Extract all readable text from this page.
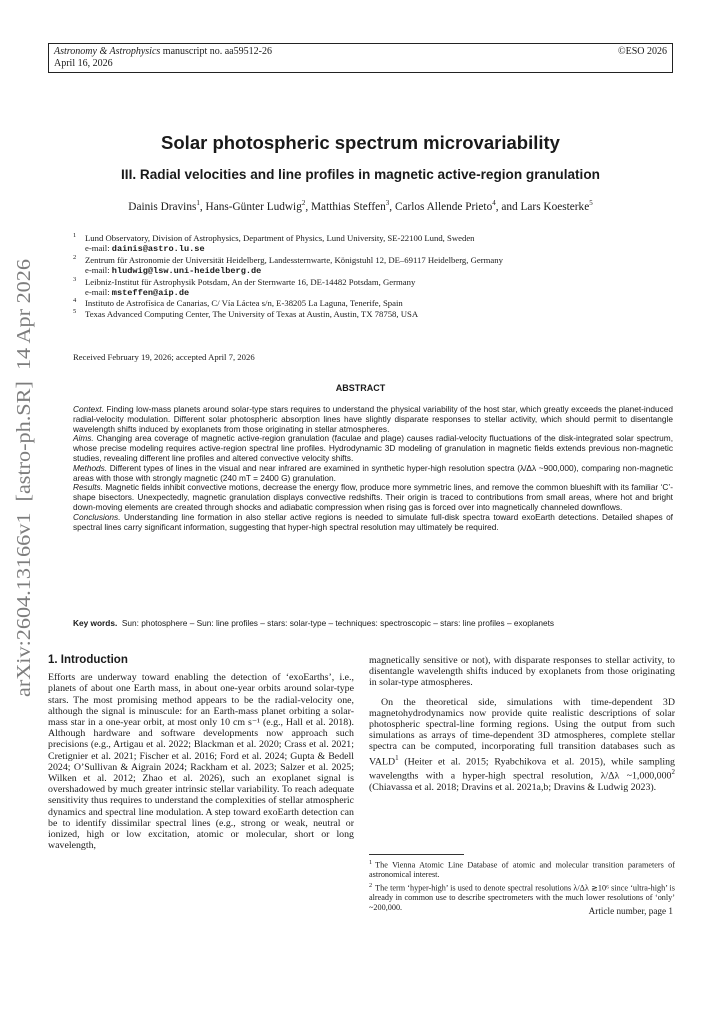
Astronomy & Astrophysics manuscript no. aa59512-26
April 16, 2026
©ESO 2026
arXiv:2604.13166v1  [astro-ph.SR]  14 Apr 2026
Solar photospheric spectrum microvariability
III. Radial velocities and line profiles in magnetic active-region granulation
Dainis Dravins$^1$, Hans-Günter Ludwig$^2$, Matthias Steffen$^3$, Carlos Allende Prieto$^4$, and Lars Koesterke$^5$
1 Lund Observatory, Division of Astrophysics, Department of Physics, Lund University, SE-22100 Lund, Sweden
e-mail: dainis@astro.lu.se
2 Zentrum für Astronomie der Universität Heidelberg, Landessternwarte, Königstuhl 12, DE–69117 Heidelberg, Germany
e-mail: hludwig@lsw.uni-heidelberg.de
3 Leibniz-Institut für Astrophysik Potsdam, An der Sternwarte 16, DE-14482 Potsdam, Germany
e-mail: msteffen@aip.de
4 Instituto de Astrofísica de Canarias, C/ Vía Láctea s/n, E-38205 La Laguna, Tenerife, Spain
5 Texas Advanced Computing Center, The University of Texas at Austin, Austin, TX 78758, USA
Received February 19, 2026; accepted April 7, 2026
ABSTRACT

Context. Finding low-mass planets around solar-type stars requires to understand the physical variability of the host star, which greatly exceeds the planet-induced radial-velocity modulation. Different solar photospheric absorption lines have slightly disparate responses to stellar activity, which should permit to disentangle wavelength shifts induced by exoplanets from those originating in stellar atmospheres.

Aims. Changing area coverage of magnetic active-region granulation (faculae and plage) causes radial-velocity fluctuations of the disk-integrated solar spectrum, whose precise modeling requires active-region spectral line profiles. Hydrodynamic 3D modeling of granulation in magnetic fields extends previous non-magnetic studies, revealing different line profiles and altered convective velocity shifts.

Methods. Different types of lines in the visual and near infrared are examined in synthetic hyper-high resolution spectra (λ/Δλ ~900,000), comparing non-magnetic areas with those with strongly magnetic (240 mT = 2400 G) granulation.

Results. Magnetic fields inhibit convective motions, decrease the energy flow, produce more symmetric lines, and remove the common blueshift with its familiar ‘C’-shape bisectors. Unexpectedly, magnetic granulation displays convective redshifts. Their origin is traced to contributions from small areas, where hot and bright down-moving elements are created through shocks and adiabatic compression when rising gas is forced over into magnetically channeled downflows.

Conclusions. Understanding line formation in also stellar active regions is needed to simulate full-disk spectra toward exoEarth detections. Detailed shapes of spectral lines carry significant information, suggesting that hyper-high spectral resolution may ultimately be required.

Key words. Sun: photosphere – Sun: line profiles – stars: solar-type – techniques: spectroscopic – stars: line profiles – exoplanets
1. Introduction

Efforts are underway toward enabling the detection of ‘exoEarths’, i.e., planets of about one Earth mass, in about one-year orbits around solar-type stars. The most promising method appears to be the radial-velocity one, although the signal is minuscule: for an Earth-mass planet orbiting a solar-mass star in a one-year orbit, at most only 10 cm s⁻¹ (e.g., Hall et al. 2018). Although hardware and software developments now approach such precisions (e.g., Artigau et al. 2022; Blackman et al. 2020; Crass et al. 2021; Cretignier et al. 2021; Fischer et al. 2016; Ford et al. 2024; Gupta & Bedell 2024; O’Sullivan & Aigrain 2024; Rackham et al. 2023; Salzer et al. 2025; Wilken et al. 2012; Zhao et al. 2026), such an exoplanet signal is overshadowed by much greater intrinsic stellar variability. To reach adequate sensitivity thus requires to understand the complexities of stellar atmospheric dynamics and spectral line modulation. A step toward exoEarth detection can be to identify dissimilar spectral lines (e.g., strong or weak, neutral or ionized, high or low excitation, atomic or molecular, short or long wavelength,

magnetically sensitive or not), with disparate responses to stellar activity, to disentangle wavelength shifts induced by exoplanets from those originating in solar-type atmospheres.

On the theoretical side, simulations with time-dependent 3D magnetohydrodynamics now provide quite realistic descriptions of solar photospheric spectral-line forming regions. Using the output from such simulations as arrays of time-dependent 3D atmospheres, complete stellar spectra can be computed, incorporating full transition databases such as VALD$^1$ (Heiter et al. 2015; Ryabchikova et al. 2015), while sampling wavelengths with a hyper-high spectral resolution, λ/Δλ ~1,000,000$^2$ (Chiavassa et al. 2018; Dravins et al. 2021a,b; Dravins & Ludwig 2023).

$^1$ The Vienna Atomic Line Database of atomic and molecular transition parameters of astronomical interest.
$^2$ The term ‘hyper-high’ is used to denote spectral resolutions λ/Δλ ≳10⁶ since ‘ultra-high’ is already in common use to describe spectrometers with the much lower resolutions of ‘only’ ~200,000.	Article number, page 1
